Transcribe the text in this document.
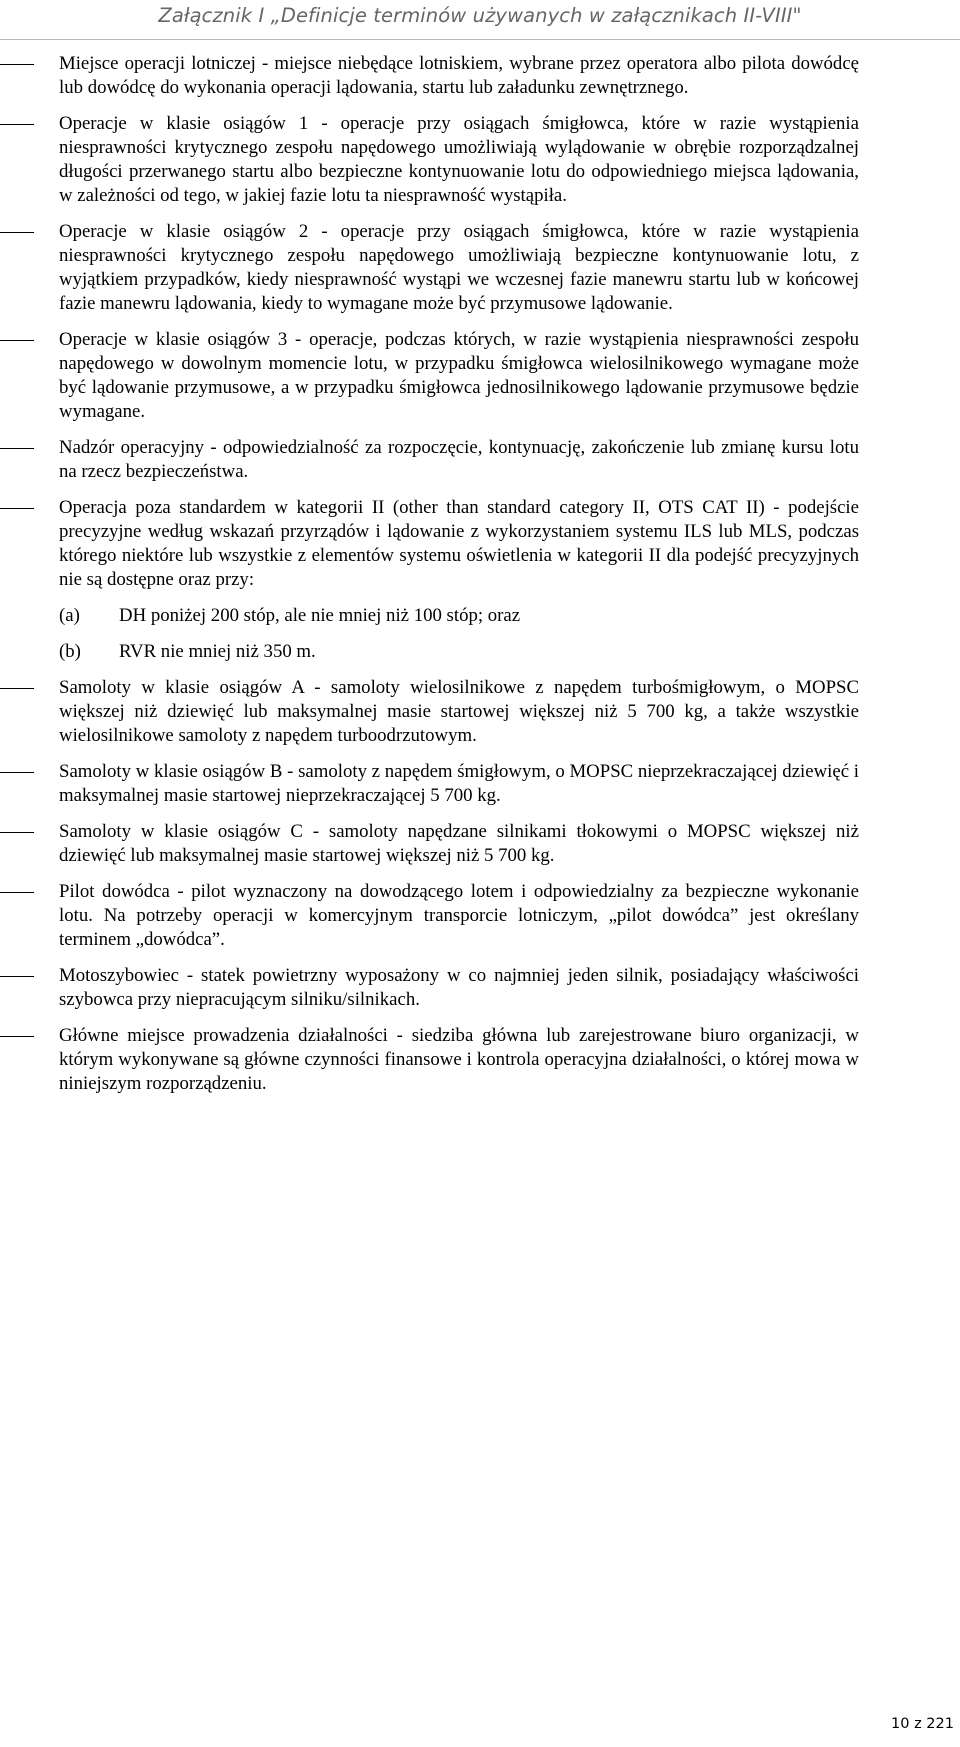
Załącznik I „Definicje terminów używanych w załącznikach II-VIII"
Miejsce operacji lotniczej - miejsce niebędące lotniskiem, wybrane przez operatora albo pilota dowódcę lub dowódcę do wykonania operacji lądowania, startu lub załadunku zewnętrznego.
Operacje w klasie osiągów 1 - operacje przy osiągach śmigłowca, które w razie wystąpienia niesprawności krytycznego zespołu napędowego umożliwiają wylądowanie w obrębie rozporządzalnej długości przerwanego startu albo bezpieczne kontynuowanie lotu do odpowiedniego miejsca lądowania, w zależności od tego, w jakiej fazie lotu ta niesprawność wystąpiła.
Operacje w klasie osiągów 2 - operacje przy osiągach śmigłowca, które w razie wystąpienia niesprawności krytycznego zespołu napędowego umożliwiają bezpieczne kontynuowanie lotu, z wyjątkiem przypadków, kiedy niesprawność wystąpi we wczesnej fazie manewru startu lub w końcowej fazie manewru lądowania, kiedy to wymagane może być przymusowe lądowanie.
Operacje w klasie osiągów 3 - operacje, podczas których, w razie wystąpienia niesprawności zespołu napędowego w dowolnym momencie lotu, w przypadku śmigłowca wielosilnikowego wymagane może być lądowanie przymusowe, a w przypadku śmigłowca jednosilnikowego lądowanie przymusowe będzie wymagane.
Nadzór operacyjny - odpowiedzialność za rozpoczęcie, kontynuację, zakończenie lub zmianę kursu lotu na rzecz bezpieczeństwa.
Operacja poza standardem w kategorii II (other than standard category II, OTS CAT II) - podejście precyzyjne według wskazań przyrządów i lądowanie z wykorzystaniem systemu ILS lub MLS, podczas którego niektóre lub wszystkie z elementów systemu oświetlenia w kategorii II dla podejść precyzyjnych nie są dostępne oraz przy:
(a) DH poniżej 200 stóp, ale nie mniej niż 100 stóp; oraz
(b) RVR nie mniej niż 350 m.
Samoloty w klasie osiągów A - samoloty wielosilnikowe z napędem turbośmigłowym, o MOPSC większej niż dziewięć lub maksymalnej masie startowej większej niż 5 700 kg, a także wszystkie wielosilnikowe samoloty z napędem turboodrzutowym.
Samoloty w klasie osiągów B - samoloty z napędem śmigłowym, o MOPSC nieprzekraczającej dziewięć i maksymalnej masie startowej nieprzekraczającej 5 700 kg.
Samoloty w klasie osiągów C - samoloty napędzane silnikami tłokowymi o MOPSC większej niż dziewięć lub maksymalnej masie startowej większej niż 5 700 kg.
Pilot dowódca - pilot wyznaczony na dowodzącego lotem i odpowiedzialny za bezpieczne wykonanie lotu. Na potrzeby operacji w komercyjnym transporcie lotniczym, „pilot dowódca” jest określany terminem „dowódca”.
Motoszybowiec - statek powietrzny wyposażony w co najmniej jeden silnik, posiadający właściwości szybowca przy niepracującym silniku/silnikach.
Główne miejsce prowadzenia działalności - siedziba główna lub zarejestrowane biuro organizacji, w którym wykonywane są główne czynności finansowe i kontrola operacyjna działalności, o której mowa w niniejszym rozporządzeniu.
10 z 221
